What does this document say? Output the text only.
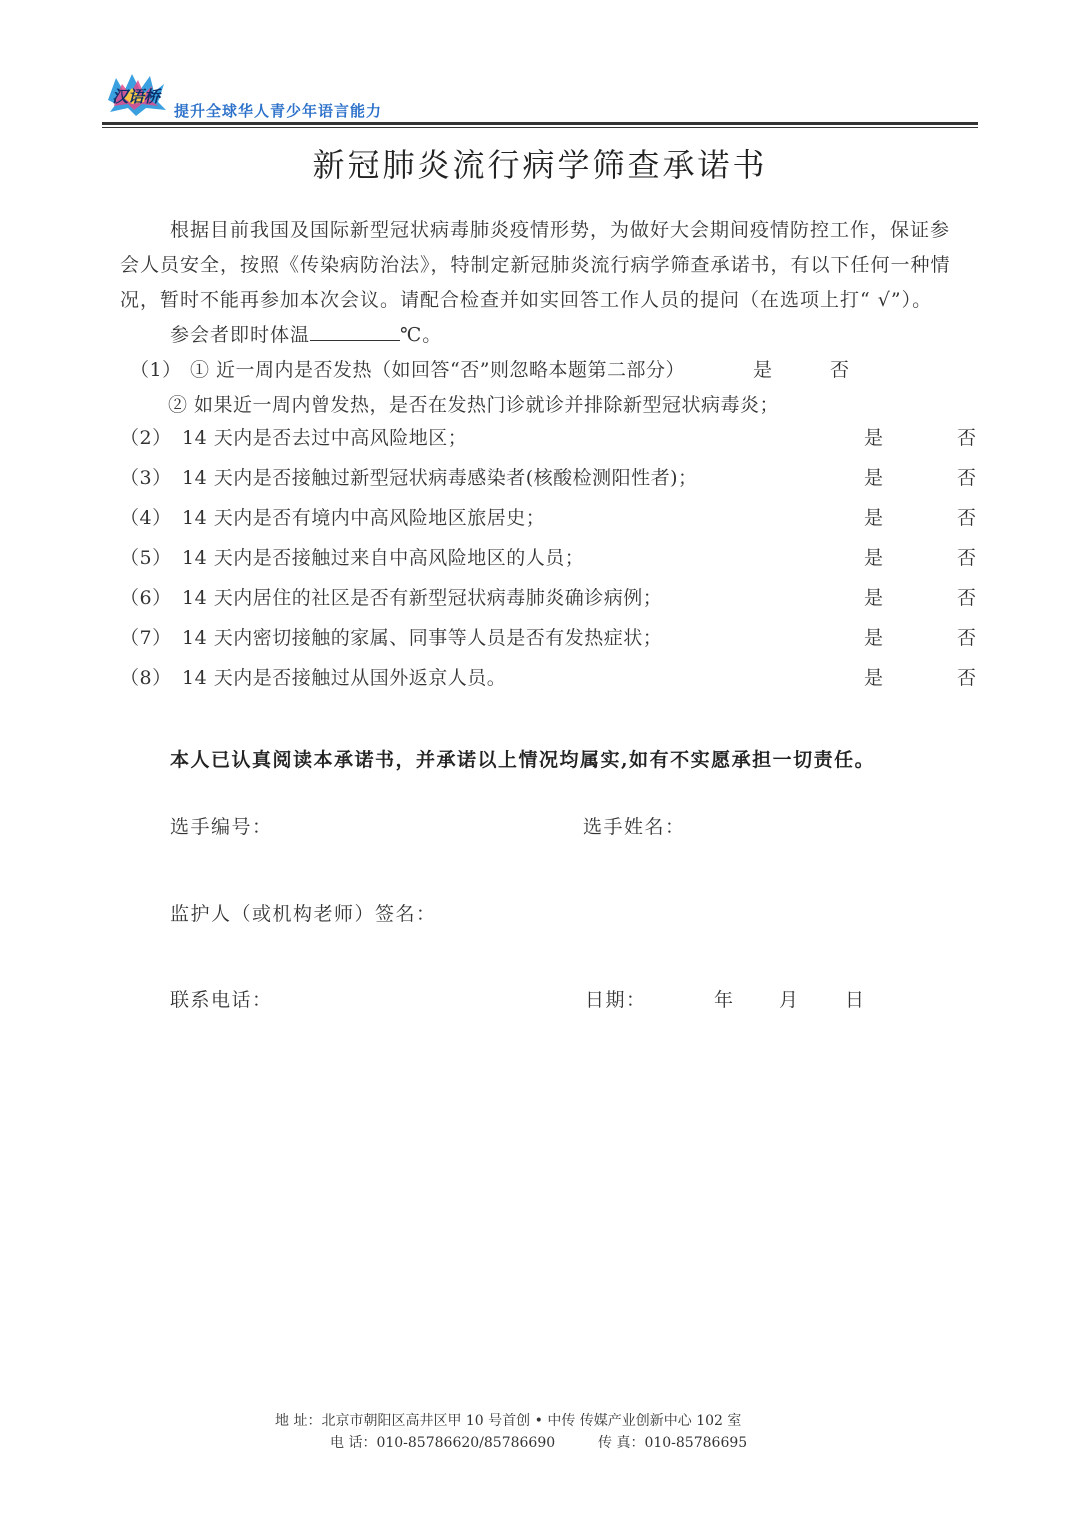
汉语桥
提升全球华人青少年语言能力
新冠肺炎流行病学筛查承诺书
根据目前我国及国际新型冠状病毒肺炎疫情形势，为做好大会期间疫情防控工作，保证参
会人员安全，按照《传染病防治法》，特制定新冠肺炎流行病学筛查承诺书，有以下任何一种情
况，暂时不能再参加本次会议。请配合检查并如实回答工作人员的提问（在选项上打“ √”）。
参会者即时体温	℃。
（1） ① 近一周内是否发热（如回答“否”则忽略本题第二部分）	是	否
② 如果近一周内曾发热，是否在发热门诊就诊并排除新型冠状病毒炎；
（2） 14 天内是否去过中高风险地区；	是	否
（3） 14 天内是否接触过新型冠状病毒感染者(核酸检测阳性者)；	是	否
（4） 14 天内是否有境内中高风险地区旅居史；	是	否
（5） 14 天内是否接触过来自中高风险地区的人员；	是	否
（6） 14 天内居住的社区是否有新型冠状病毒肺炎确诊病例；	是	否
（7） 14 天内密切接触的家属、同事等人员是否有发热症状；	是	否
（8） 14 天内是否接触过从国外返京人员。	是	否
本人已认真阅读本承诺书，并承诺以上情况均属实,如有不实愿承担一切责任。
选手编号：	选手姓名：
监护人（或机构老师）签名：
联系电话：	日期：	年 月 日
地 址：北京市朝阳区高井区甲 10 号首创 • 中传 传媒产业创新中心 102 室
电 话：010-85786620/85786690	传 真：010-85786695
